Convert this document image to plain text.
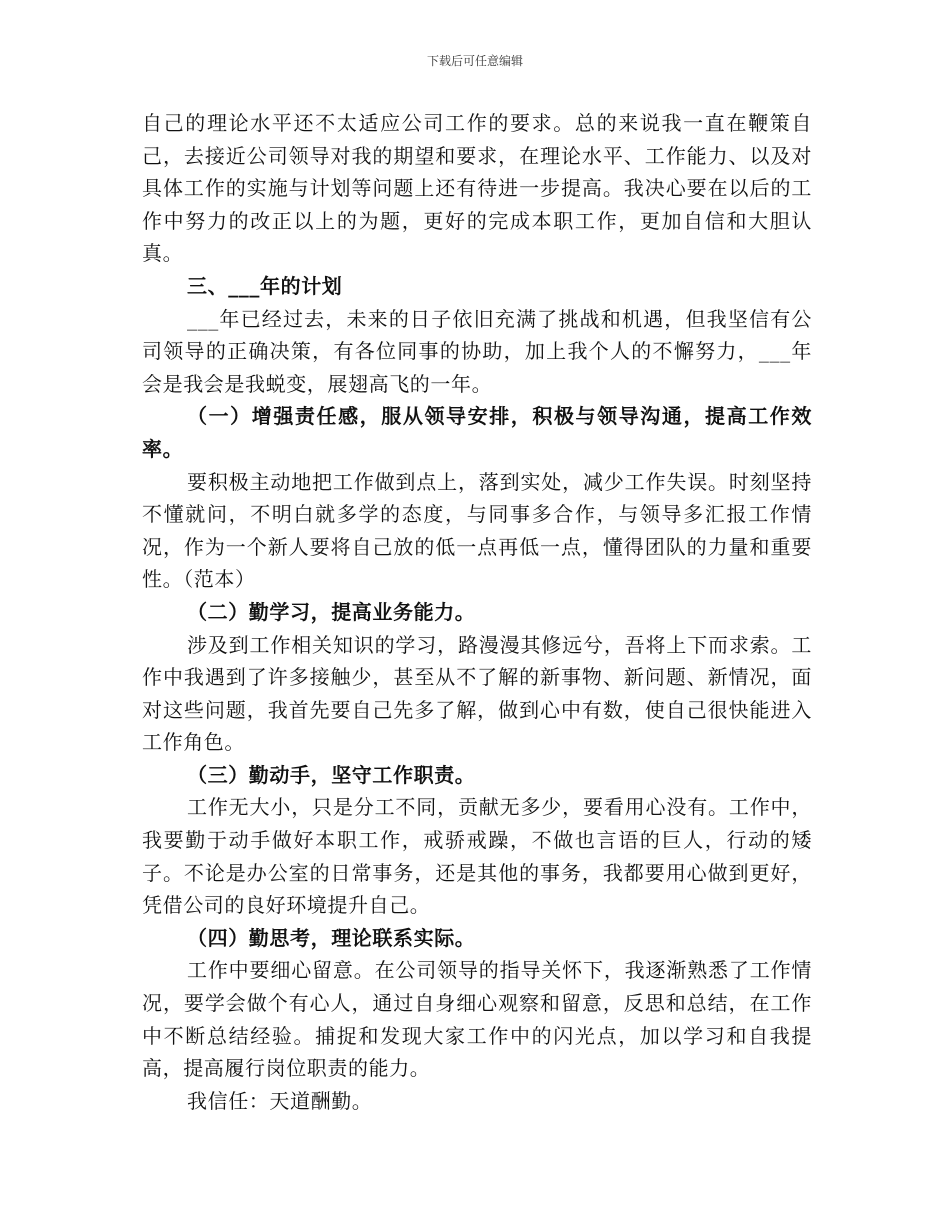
下载后可任意编辑

自己的理论水平还不太适应公司工作的要求。总的来说我一直在鞭策自己，去接近公司领导对我的期望和要求，在理论水平、工作能力、以及对具体工作的实施与计划等问题上还有待进一步提高。我决心要在以后的工作中努力的改正以上的为题，更好的完成本职工作，更加自信和大胆认真。

三、___年的计划

___年已经过去，未来的日子依旧充满了挑战和机遇，但我坚信有公司领导的正确决策，有各位同事的协助，加上我个人的不懈努力，___年会是我会是我蜕变，展翅高飞的一年。

（一）增强责任感，服从领导安排，积极与领导沟通，提高工作效率。

要积极主动地把工作做到点上，落到实处，减少工作失误。时刻坚持不懂就问，不明白就多学的态度，与同事多合作，与领导多汇报工作情况，作为一个新人要将自己放的低一点再低一点，懂得团队的力量和重要性。（范本）

（二）勤学习，提高业务能力。

涉及到工作相关知识的学习，路漫漫其修远兮，吾将上下而求索。工作中我遇到了许多接触少，甚至从不了解的新事物、新问题、新情况，面对这些问题，我首先要自己先多了解，做到心中有数，使自己很快能进入工作角色。

（三）勤动手，坚守工作职责。

工作无大小，只是分工不同，贡献无多少，要看用心没有。工作中，我要勤于动手做好本职工作，戒骄戒躁，不做也言语的巨人，行动的矮子。不论是办公室的日常事务，还是其他的事务，我都要用心做到更好，凭借公司的良好环境提升自己。

（四）勤思考，理论联系实际。

工作中要细心留意。在公司领导的指导关怀下，我逐渐熟悉了工作情况，要学会做个有心人，通过自身细心观察和留意，反思和总结，在工作中不断总结经验。捕捉和发现大家工作中的闪光点，加以学习和自我提高，提高履行岗位职责的能力。

我信任：天道酬勤。
